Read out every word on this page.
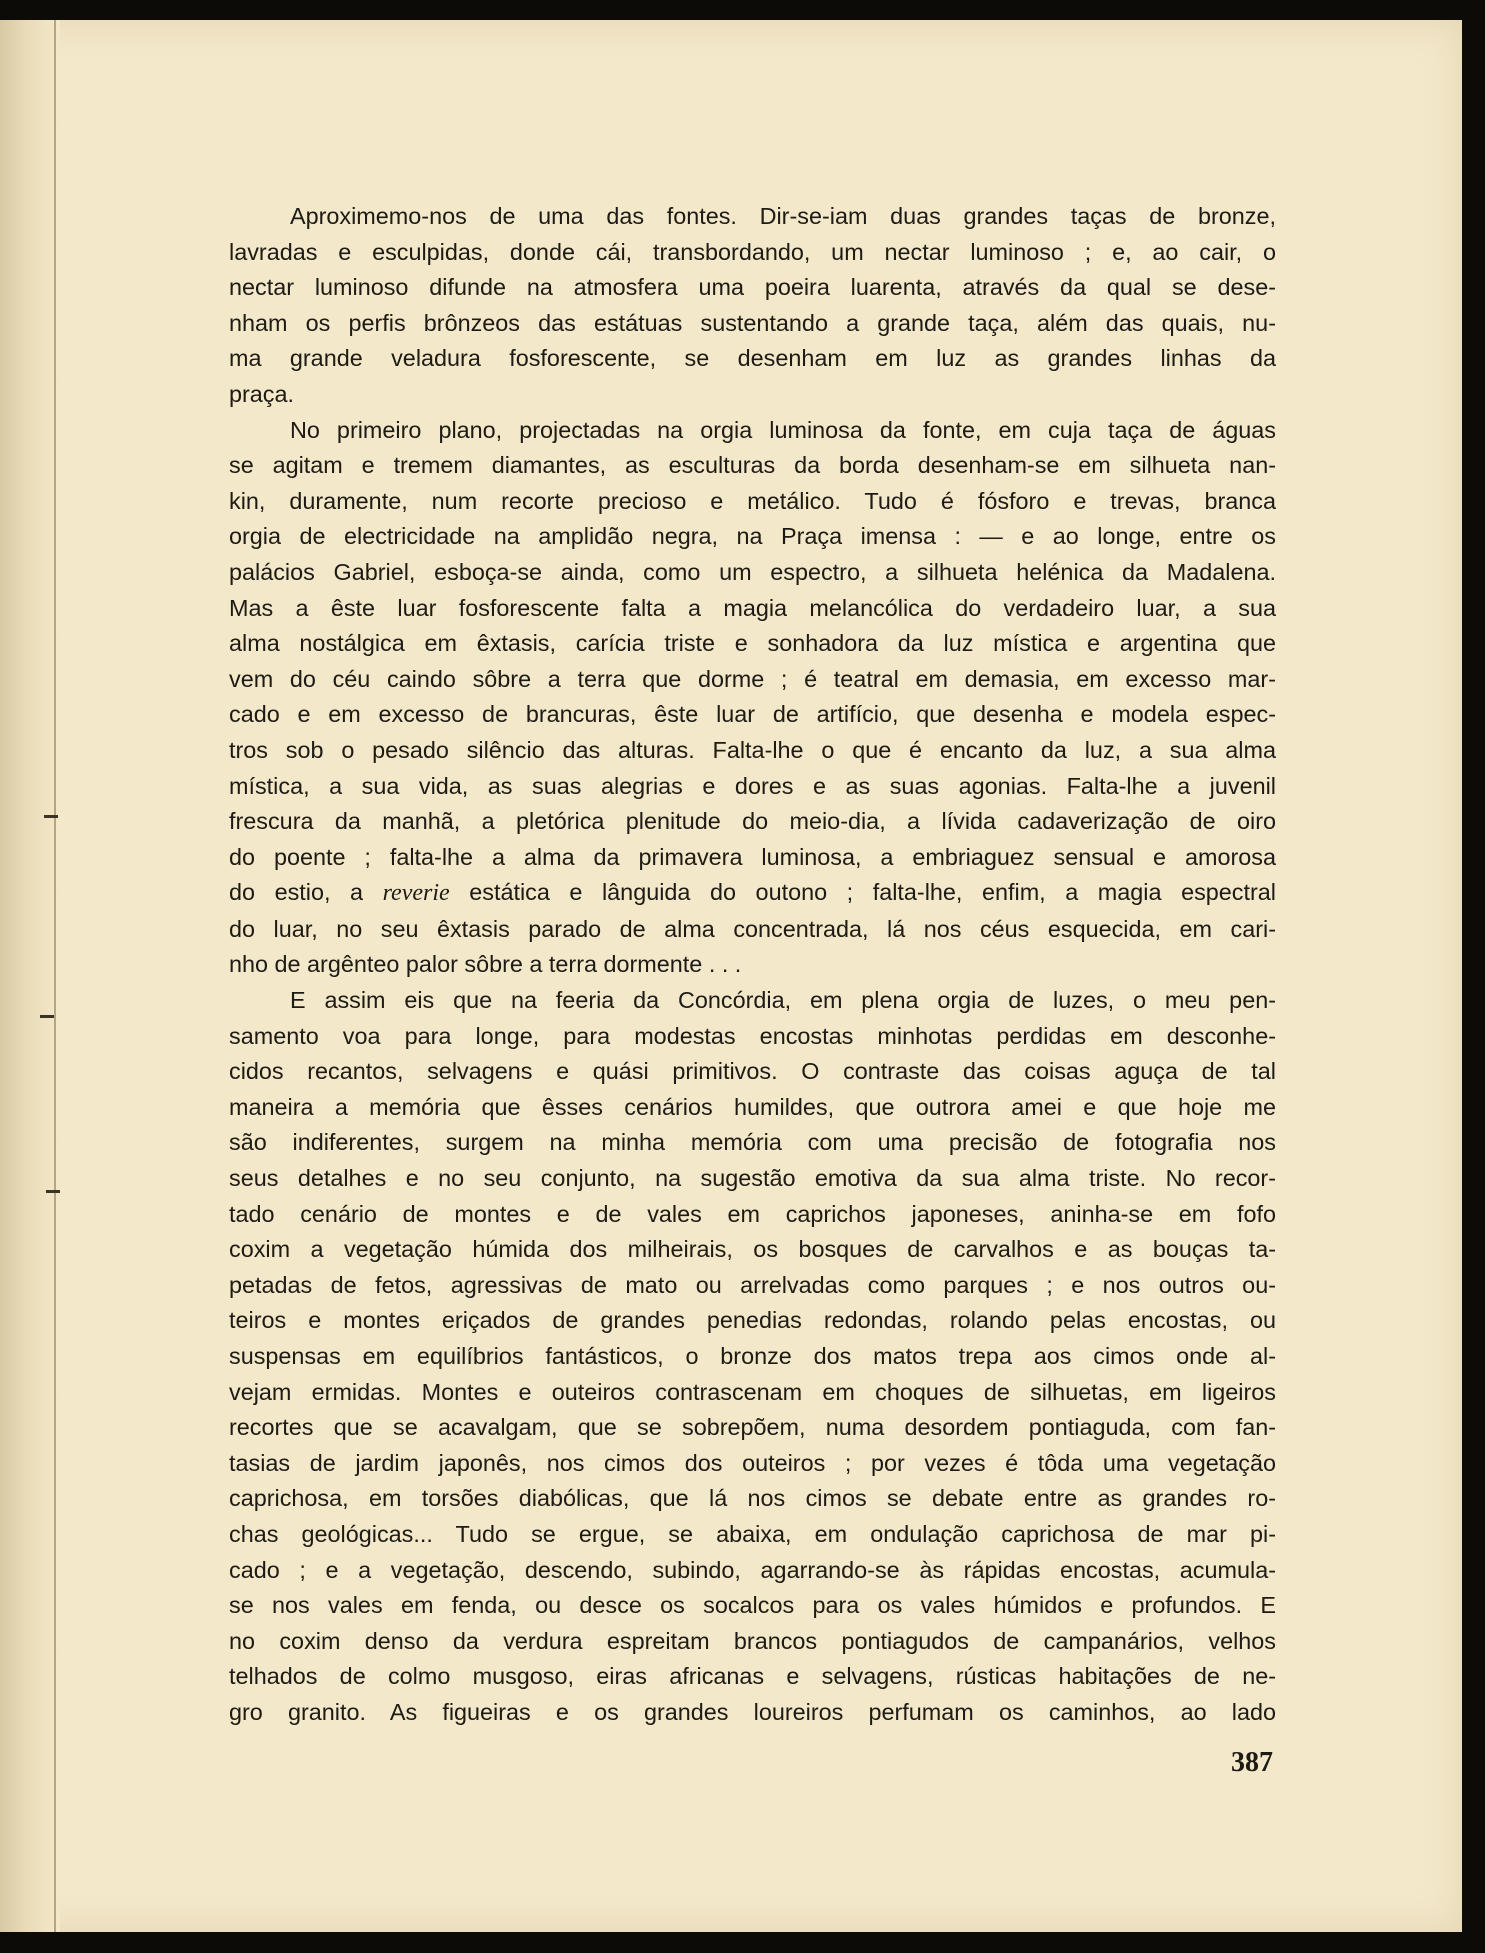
Aproximemo-nos de uma das fontes. Dir-se-iam duas grandes taças de bronze,
lavradas e esculpidas, donde cái, transbordando, um nectar luminoso ; e, ao cair, o
nectar luminoso difunde na atmosfera uma poeira luarenta, através da qual se dese-
nham os perfis brônzeos das estátuas sustentando a grande taça, além das quais, nu-
ma grande veladura fosforescente, se desenham em luz as grandes linhas da
praça.

No primeiro plano, projectadas na orgia luminosa da fonte, em cuja taça de águas
se agitam e tremem diamantes, as esculturas da borda desenham-se em silhueta nan-
kin, duramente, num recorte precioso e metálico. Tudo é fósforo e trevas, branca
orgia de electricidade na amplidão negra, na Praça imensa : — e ao longe, entre os
palácios Gabriel, esboça-se ainda, como um espectro, a silhueta helénica da Madalena.
Mas a êste luar fosforescente falta a magia melancólica do verdadeiro luar, a sua
alma nostálgica em êxtasis, carícia triste e sonhadora da luz mística e argentina que
vem do céu caindo sôbre a terra que dorme ; é teatral em demasia, em excesso mar-
cado e em excesso de brancuras, êste luar de artifício, que desenha e modela espec-
tros sob o pesado silêncio das alturas. Falta-lhe o que é encanto da luz, a sua alma
mística, a sua vida, as suas alegrias e dores e as suas agonias. Falta-lhe a juvenil
frescura da manhã, a pletórica plenitude do meio-dia, a lívida cadaverização de oiro
do poente ; falta-lhe a alma da primavera luminosa, a embriaguez sensual e amorosa
do estio, a reverie estática e lânguida do outono ; falta-lhe, enfim, a magia espectral
do luar, no seu êxtasis parado de alma concentrada, lá nos céus esquecida, em cari-
nho de argênteo palor sôbre a terra dormente . . .

E assim eis que na feeria da Concórdia, em plena orgia de luzes, o meu pen-
samento voa para longe, para modestas encostas minhotas perdidas em desconhe-
cidos recantos, selvagens e quási primitivos. O contraste das coisas aguça de tal
maneira a memória que êsses cenários humildes, que outrora amei e que hoje me
são indiferentes, surgem na minha memória com uma precisão de fotografia nos
seus detalhes e no seu conjunto, na sugestão emotiva da sua alma triste. No recor-
tado cenário de montes e de vales em caprichos japoneses, aninha-se em fofo
coxim a vegetação húmida dos milheirais, os bosques de carvalhos e as bouças ta-
petadas de fetos, agressivas de mato ou arrelvadas como parques ; e nos outros ou-
teiros e montes eriçados de grandes penedias redondas, rolando pelas encostas, ou
suspensas em equilíbrios fantásticos, o bronze dos matos trepa aos cimos onde al-
vejam ermidas. Montes e outeiros contrascenam em choques de silhuetas, em ligeiros
recortes que se acavalgam, que se sobrepõem, numa desordem pontiaguda, com fan-
tasias de jardim japonês, nos cimos dos outeiros ; por vezes é tôda uma vegetação
caprichosa, em torsões diabólicas, que lá nos cimos se debate entre as grandes ro-
chas geológicas... Tudo se ergue, se abaixa, em ondulação caprichosa de mar pi-
cado ; e a vegetação, descendo, subindo, agarrando-se às rápidas encostas, acumula-
se nos vales em fenda, ou desce os socalcos para os vales húmidos e profundos. E
no coxim denso da verdura espreitam brancos pontiagudos de campanários, velhos
telhados de colmo musgoso, eiras africanas e selvagens, rústicas habitações de ne-
gro granito. As figueiras e os grandes loureiros perfumam os caminhos, ao lado

387
